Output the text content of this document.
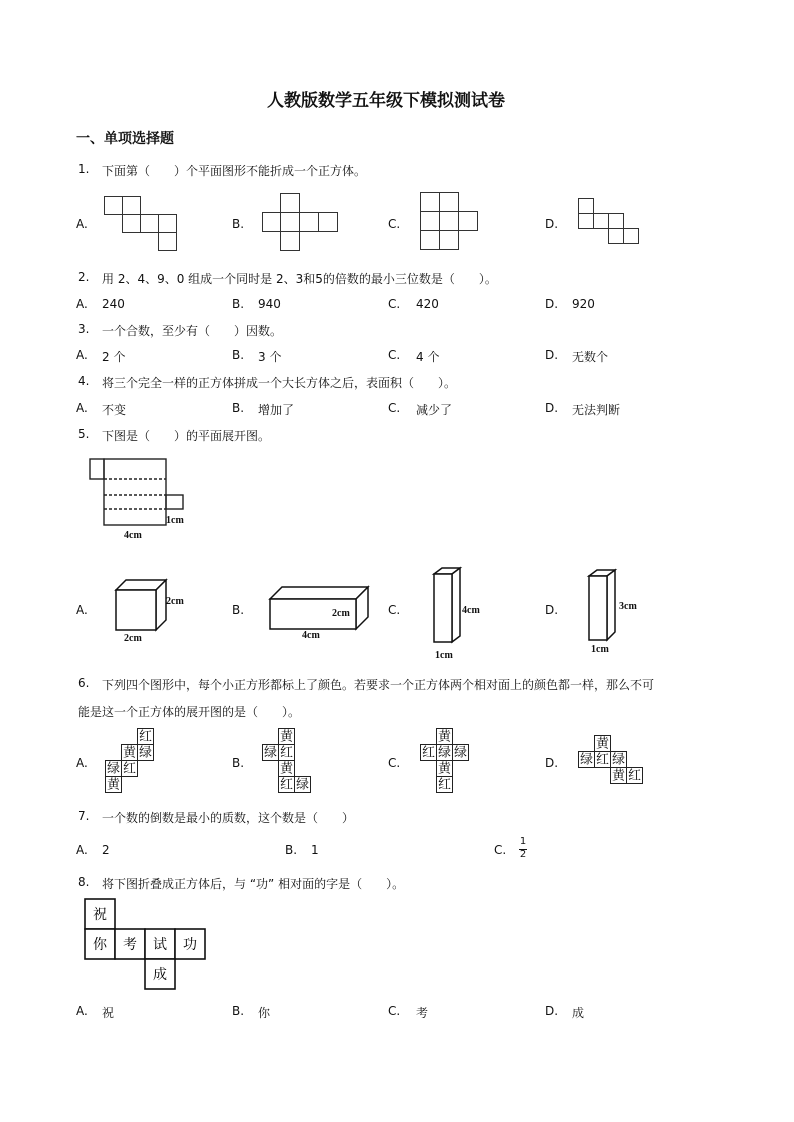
人教版数学五年级下模拟测试卷
一、单项选择题
1. 下面第（　　）个平面图形不能折成一个正方体。
A.	B.	C.	D.
2. 用 2、4、9、0 组成一个同时是 2、3和5的倍数的最小三位数是（　　）。
A. 240	B. 940	C. 420	D. 920
3. 一个合数，至少有（　　）因数。
A. 2 个	B. 3 个	C. 4 个	D. 无数个
4. 将三个完全一样的正方体拼成一个大长方体之后，表面积（　　）。
A. 不变	B. 增加了	C. 减少了	D. 无法判断
5. 下图是（　　）的平面展开图。
1cm
4cm
A.	B.	C.	D.
2cm
2cm
2cm
4cm
4cm
1cm
3cm
1cm
6. 下列四个图形中，每个小正方形都标上了颜色。若要求一个正方体两个相对面上的颜色都一样，那么不可
能是这一个正方体的展开图的是（　　）。
A.	B.	C.	D.
红
黄 绿
红
绿
黄
黄
绿 红
黄
红 绿
黄
红 绿 绿
黄
红
黄
绿 红 绿
黄 红
7. 一个数的倒数是最小的质数，这个数是（　　）
A. 2	B. 1	C.
1
2
8. 将下图折叠成正方体后，与 “功” 相对面的字是（　　）。
祝
你 考 试 功
成
A. 祝	B. 你	C. 考	D. 成
